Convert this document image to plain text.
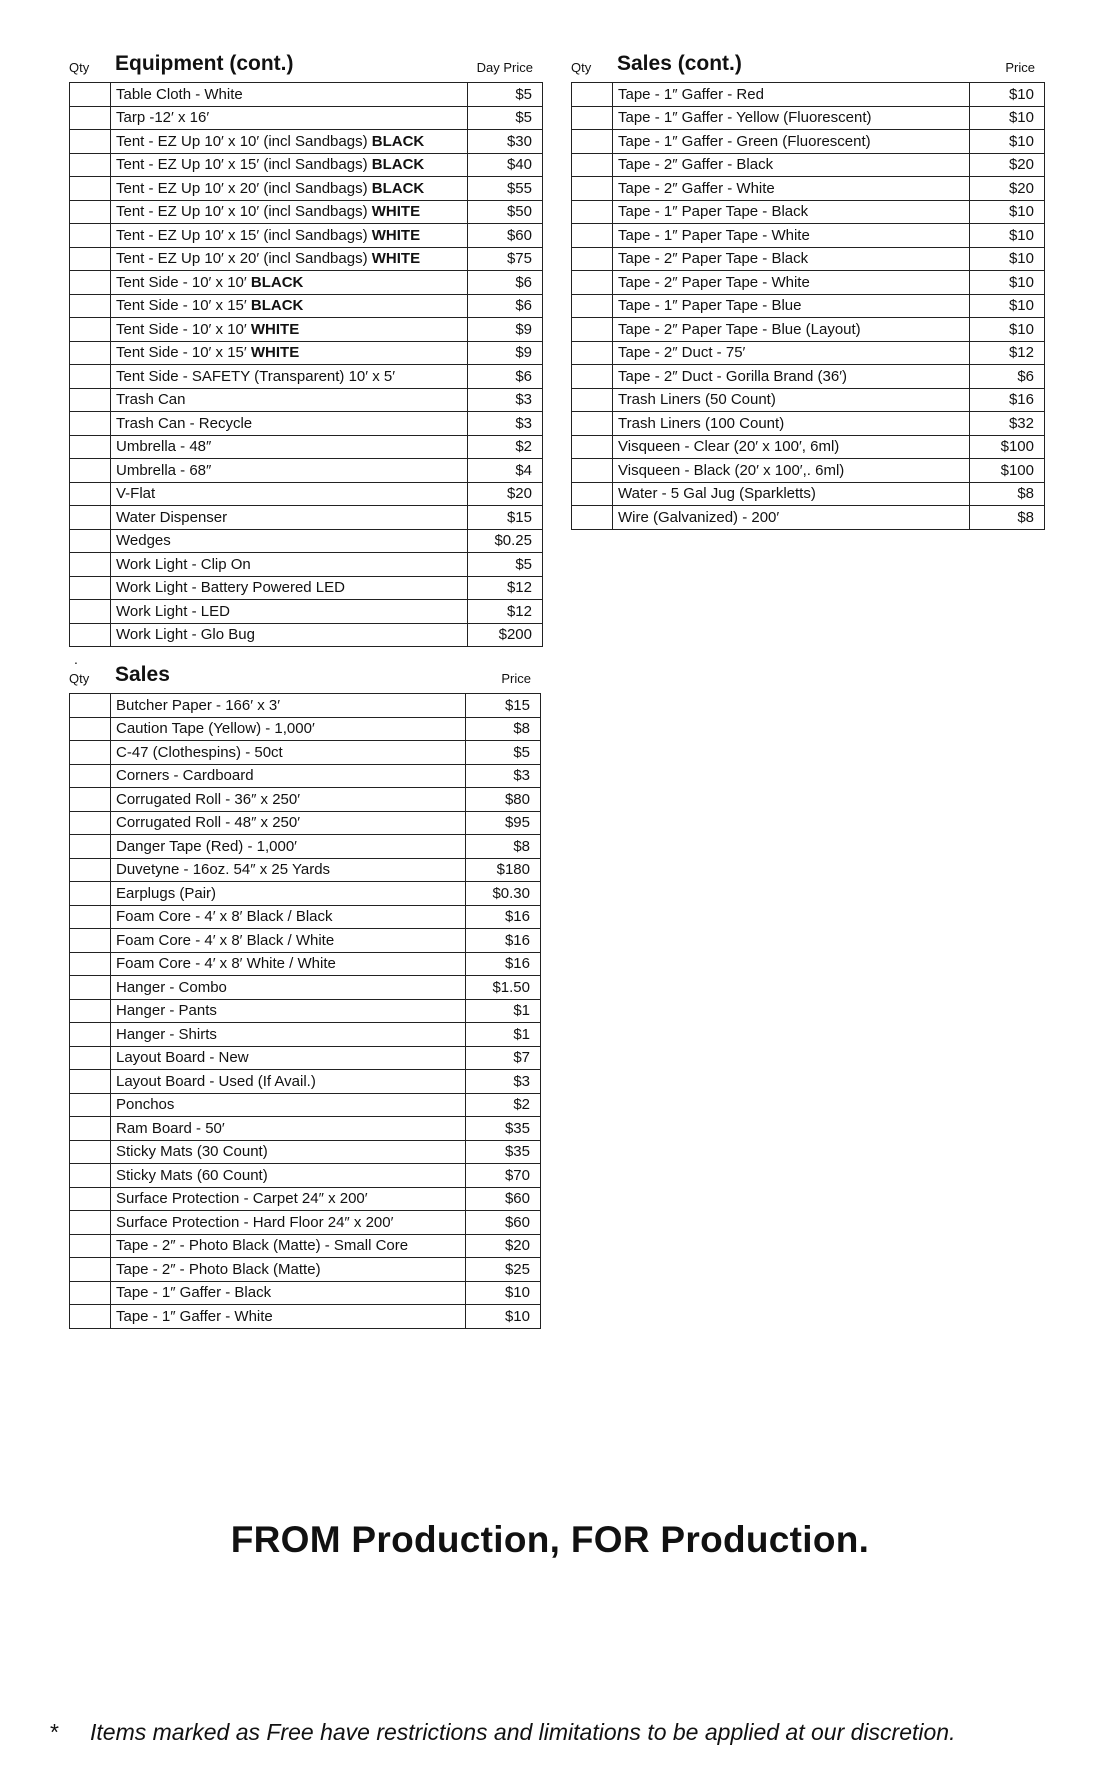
Qty Equipment (cont.)	Day Price
	Table Cloth - White	$5
	Tarp -12′ x 16′	$5
	Tent - EZ Up 10′ x 10′ (incl Sandbags) BLACK	$30
	Tent - EZ Up 10′ x 15′ (incl Sandbags) BLACK	$40
	Tent - EZ Up 10′ x 20′ (incl Sandbags) BLACK	$55
	Tent - EZ Up 10′ x 10′ (incl Sandbags) WHITE	$50
	Tent - EZ Up 10′ x 15′ (incl Sandbags) WHITE	$60
	Tent - EZ Up 10′ x 20′ (incl Sandbags) WHITE	$75
	Tent Side - 10′ x 10′ BLACK	$6
	Tent Side - 10′ x 15′ BLACK	$6
	Tent Side - 10′ x 10′ WHITE	$9
	Tent Side - 10′ x 15′ WHITE	$9
	Tent Side - SAFETY (Transparent) 10′ x 5′	$6
	Trash Can	$3
	Trash Can - Recycle	$3
	Umbrella - 48″	$2
	Umbrella - 68″	$4
	V-Flat	$20
	Water Dispenser	$15
	Wedges	$0.25
	Work Light - Clip On	$5
	Work Light - Battery Powered LED	$12
	Work Light - LED	$12
	Work Light - Glo Bug	$200
Qty Sales (cont.)	Price
	Tape - 1″ Gaffer - Red	$10
	Tape - 1″ Gaffer - Yellow (Fluorescent)	$10
	Tape - 1″ Gaffer - Green (Fluorescent)	$10
	Tape - 2″ Gaffer - Black	$20
	Tape - 2″ Gaffer - White	$20
	Tape - 1″ Paper Tape - Black	$10
	Tape - 1″ Paper Tape - White	$10
	Tape - 2″ Paper Tape - Black	$10
	Tape - 2″ Paper Tape - White	$10
	Tape - 1″ Paper Tape - Blue	$10
	Tape - 2″ Paper Tape - Blue (Layout)	$10
	Tape - 2″ Duct - 75′	$12
	Tape - 2″ Duct - Gorilla Brand (36′)	$6
	Trash Liners (50 Count)	$16
	Trash Liners (100 Count)	$32
	Visqueen - Clear (20′ x 100′, 6ml)	$100
	Visqueen - Black (20′ x 100′,. 6ml)	$100
	Water - 5 Gal Jug (Sparkletts)	$8
	Wire (Galvanized) - 200′	$8
.
Qty Sales	Price
	Butcher Paper - 166′ x 3′	$15
	Caution Tape (Yellow) - 1,000′	$8
	C-47 (Clothespins) - 50ct	$5
	Corners - Cardboard	$3
	Corrugated Roll - 36″ x 250′	$80
	Corrugated Roll - 48″ x 250′	$95
	Danger Tape (Red) - 1,000′	$8
	Duvetyne - 16oz. 54″ x 25 Yards	$180
	Earplugs (Pair)	$0.30
	Foam Core - 4′ x 8′ Black / Black	$16
	Foam Core - 4′ x 8′ Black / White	$16
	Foam Core - 4′ x 8′ White / White	$16
	Hanger - Combo	$1.50
	Hanger - Pants	$1
	Hanger - Shirts	$1
	Layout Board - New	$7
	Layout Board - Used (If Avail.)	$3
	Ponchos	$2
	Ram Board - 50′	$35
	Sticky Mats (30 Count)	$35
	Sticky Mats (60 Count)	$70
	Surface Protection - Carpet 24″ x 200′	$60
	Surface Protection - Hard Floor 24″ x 200′	$60
	Tape - 2″ - Photo Black (Matte) - Small Core	$20
	Tape - 2″ - Photo Black (Matte)	$25
	Tape - 1″ Gaffer - Black	$10
	Tape - 1″ Gaffer - White	$10
FROM Production, FOR Production.
* Items marked as Free have restrictions and limitations to be applied at our discretion.
